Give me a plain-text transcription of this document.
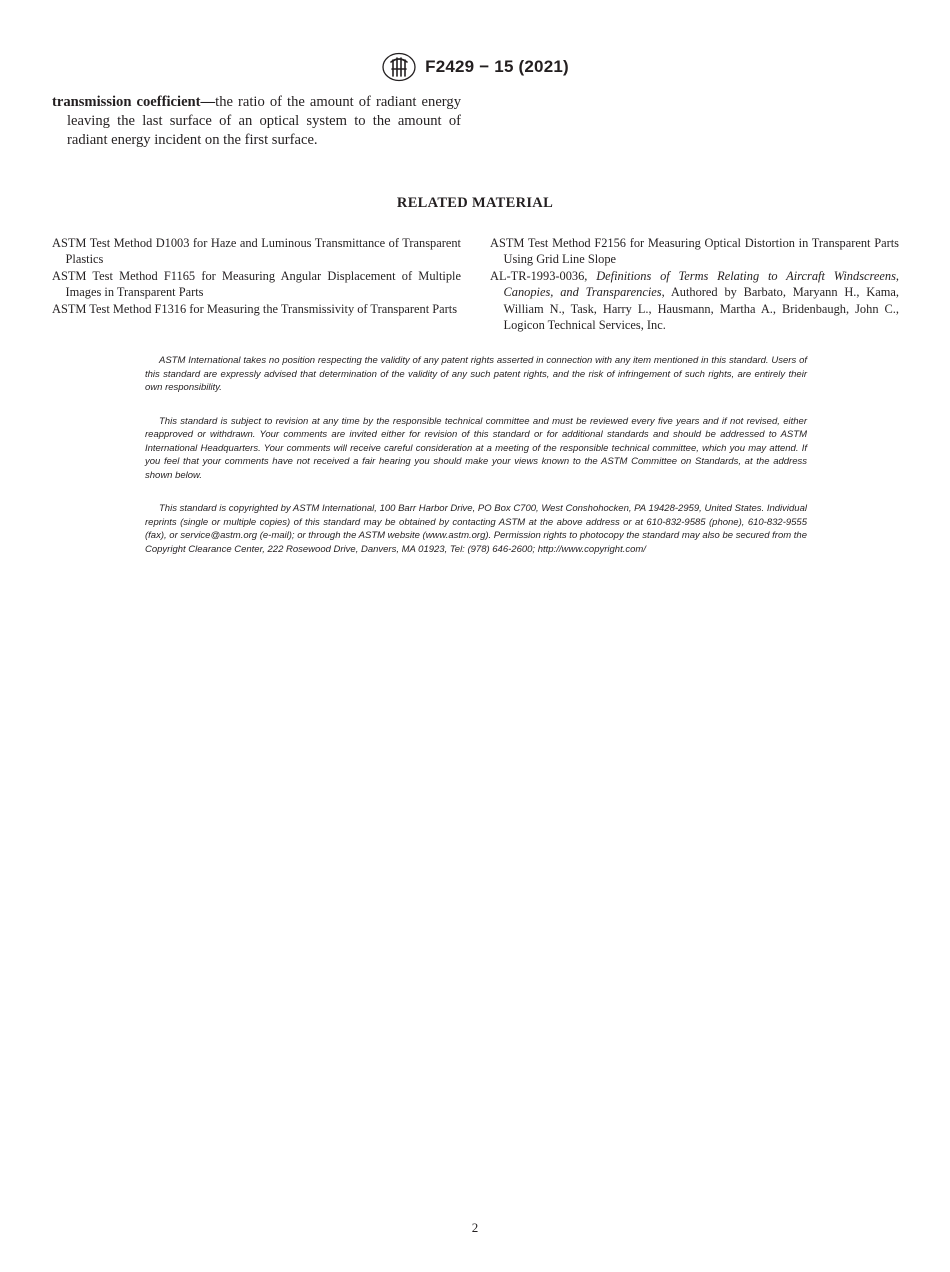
F2429 − 15 (2021)

transmission coefficient—the ratio of the amount of radiant energy leaving the last surface of an optical system to the amount of radiant energy incident on the first surface.

RELATED MATERIAL

ASTM Test Method D1003 for Haze and Luminous Transmittance of Transparent Plastics

ASTM Test Method F1165 for Measuring Angular Displacement of Multiple Images in Transparent Parts

ASTM Test Method F1316 for Measuring the Transmissivity of Transparent Parts

ASTM Test Method F2156 for Measuring Optical Distortion in Transparent Parts Using Grid Line Slope

AL-TR-1993-0036, Definitions of Terms Relating to Aircraft Windscreens, Canopies, and Transparencies, Authored by Barbato, Maryann H., Kama, William N., Task, Harry L., Hausmann, Martha A., Bridenbaugh, John C., Logicon Technical Services, Inc.

ASTM International takes no position respecting the validity of any patent rights asserted in connection with any item mentioned in this standard. Users of this standard are expressly advised that determination of the validity of any such patent rights, and the risk of infringement of such rights, are entirely their own responsibility.

This standard is subject to revision at any time by the responsible technical committee and must be reviewed every five years and if not revised, either reapproved or withdrawn. Your comments are invited either for revision of this standard or for additional standards and should be addressed to ASTM International Headquarters. Your comments will receive careful consideration at a meeting of the responsible technical committee, which you may attend. If you feel that your comments have not received a fair hearing you should make your views known to the ASTM Committee on Standards, at the address shown below.

This standard is copyrighted by ASTM International, 100 Barr Harbor Drive, PO Box C700, West Conshohocken, PA 19428-2959, United States. Individual reprints (single or multiple copies) of this standard may be obtained by contacting ASTM at the above address or at 610-832-9585 (phone), 610-832-9555 (fax), or service@astm.org (e-mail); or through the ASTM website (www.astm.org). Permission rights to photocopy the standard may also be secured from the Copyright Clearance Center, 222 Rosewood Drive, Danvers, MA 01923, Tel: (978) 646-2600; http://www.copyright.com/

2
